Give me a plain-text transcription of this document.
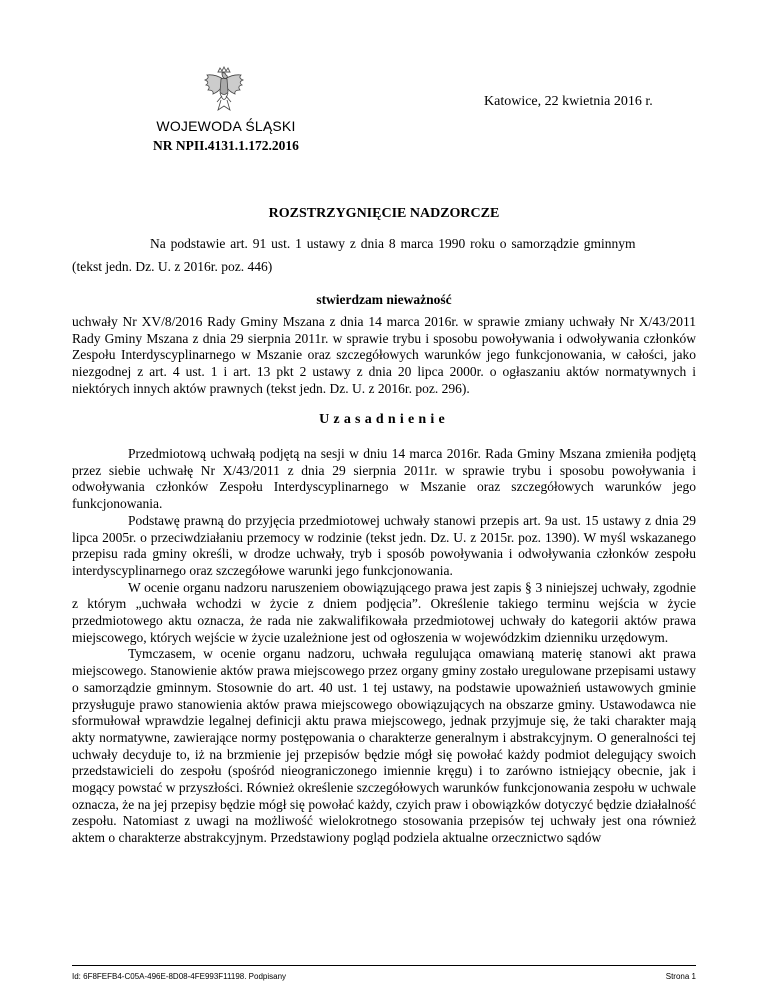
WOJEWODA ŚLĄSKI
NR NPII.4131.1.172.2016
Katowice, 22 kwietnia 2016 r.
ROZSTRZYGNIĘCIE NADZORCZE
Na podstawie art. 91 ust. 1 ustawy z dnia 8 marca 1990 roku o samorządzie gminnym
(tekst jedn. Dz. U. z 2016r. poz. 446)
stwierdzam nieważność

uchwały Nr XV/8/2016 Rady Gminy Mszana z dnia 14 marca 2016r. w sprawie zmiany uchwały Nr X/43/2011 Rady Gminy Mszana z dnia 29 sierpnia 2011r. w sprawie trybu i sposobu powoływania i odwoływania członków Zespołu Interdyscyplinarnego w Mszanie oraz szczegółowych warunków jego funkcjonowania, w całości, jako niezgodnej z art. 4 ust. 1 i art. 13 pkt 2 ustawy z dnia 20 lipca 2000r. o ogłaszaniu aktów normatywnych i niektórych innych aktów prawnych (tekst jedn. Dz. U. z 2016r. poz. 296).

Uzasadnienie

Przedmiotową uchwałą podjętą na sesji w dniu 14 marca 2016r. Rada Gminy Mszana zmieniła podjętą przez siebie uchwałę Nr X/43/2011 z dnia 29 sierpnia 2011r. w sprawie trybu i sposobu powoływania i odwoływania członków Zespołu Interdyscyplinarnego w Mszanie oraz szczegółowych warunków jego funkcjonowania.

Podstawę prawną do przyjęcia przedmiotowej uchwały stanowi przepis art. 9a ust. 15 ustawy z dnia 29 lipca 2005r. o przeciwdziałaniu przemocy w rodzinie (tekst jedn. Dz. U. z 2015r. poz. 1390). W myśl wskazanego przepisu rada gminy określi, w drodze uchwały, tryb i sposób powoływania i odwoływania członków zespołu interdyscyplinarnego oraz szczegółowe warunki jego funkcjonowania.

W ocenie organu nadzoru naruszeniem obowiązującego prawa jest zapis § 3 niniejszej uchwały, zgodnie z którym „uchwała wchodzi w życie z dniem podjęcia”. Określenie takiego terminu wejścia w życie przedmiotowego aktu oznacza, że rada nie zakwalifikowała przedmiotowej uchwały do kategorii aktów prawa miejscowego, których wejście w życie uzależnione jest od ogłoszenia w wojewódzkim dzienniku urzędowym.

Tymczasem, w ocenie organu nadzoru, uchwała regulująca omawianą materię stanowi akt prawa miejscowego. Stanowienie aktów prawa miejscowego przez organy gminy zostało uregulowane przepisami ustawy o samorządzie gminnym. Stosownie do art. 40 ust. 1 tej ustawy, na podstawie upoważnień ustawowych gminie przysługuje prawo stanowienia aktów prawa miejscowego obowiązujących na obszarze gminy. Ustawodawca nie sformułował wprawdzie legalnej definicji aktu prawa miejscowego, jednak przyjmuje się, że taki charakter mają akty normatywne, zawierające normy postępowania o charakterze generalnym i abstrakcyjnym. O generalności tej uchwały decyduje to, iż na brzmienie jej przepisów będzie mógł się powołać każdy podmiot delegujący swoich przedstawicieli do zespołu (spośród nieograniczonego imiennie kręgu) i to zarówno istniejący obecnie, jak i mogący powstać w przyszłości. Również określenie szczegółowych warunków funkcjonowania zespołu w uchwale oznacza, że na jej przepisy będzie mógł się powołać każdy, czyich praw i obowiązków dotyczyć będzie działalność zespołu. Natomiast z uwagi na możliwość wielokrotnego stosowania przepisów tej uchwały jest ona również aktem o charakterze abstrakcyjnym. Przedstawiony pogląd podziela aktualne orzecznictwo sądów

Id: 6F8FEFB4-C05A-496E-8D08-4FE993F11198. Podpisany	Strona 1
